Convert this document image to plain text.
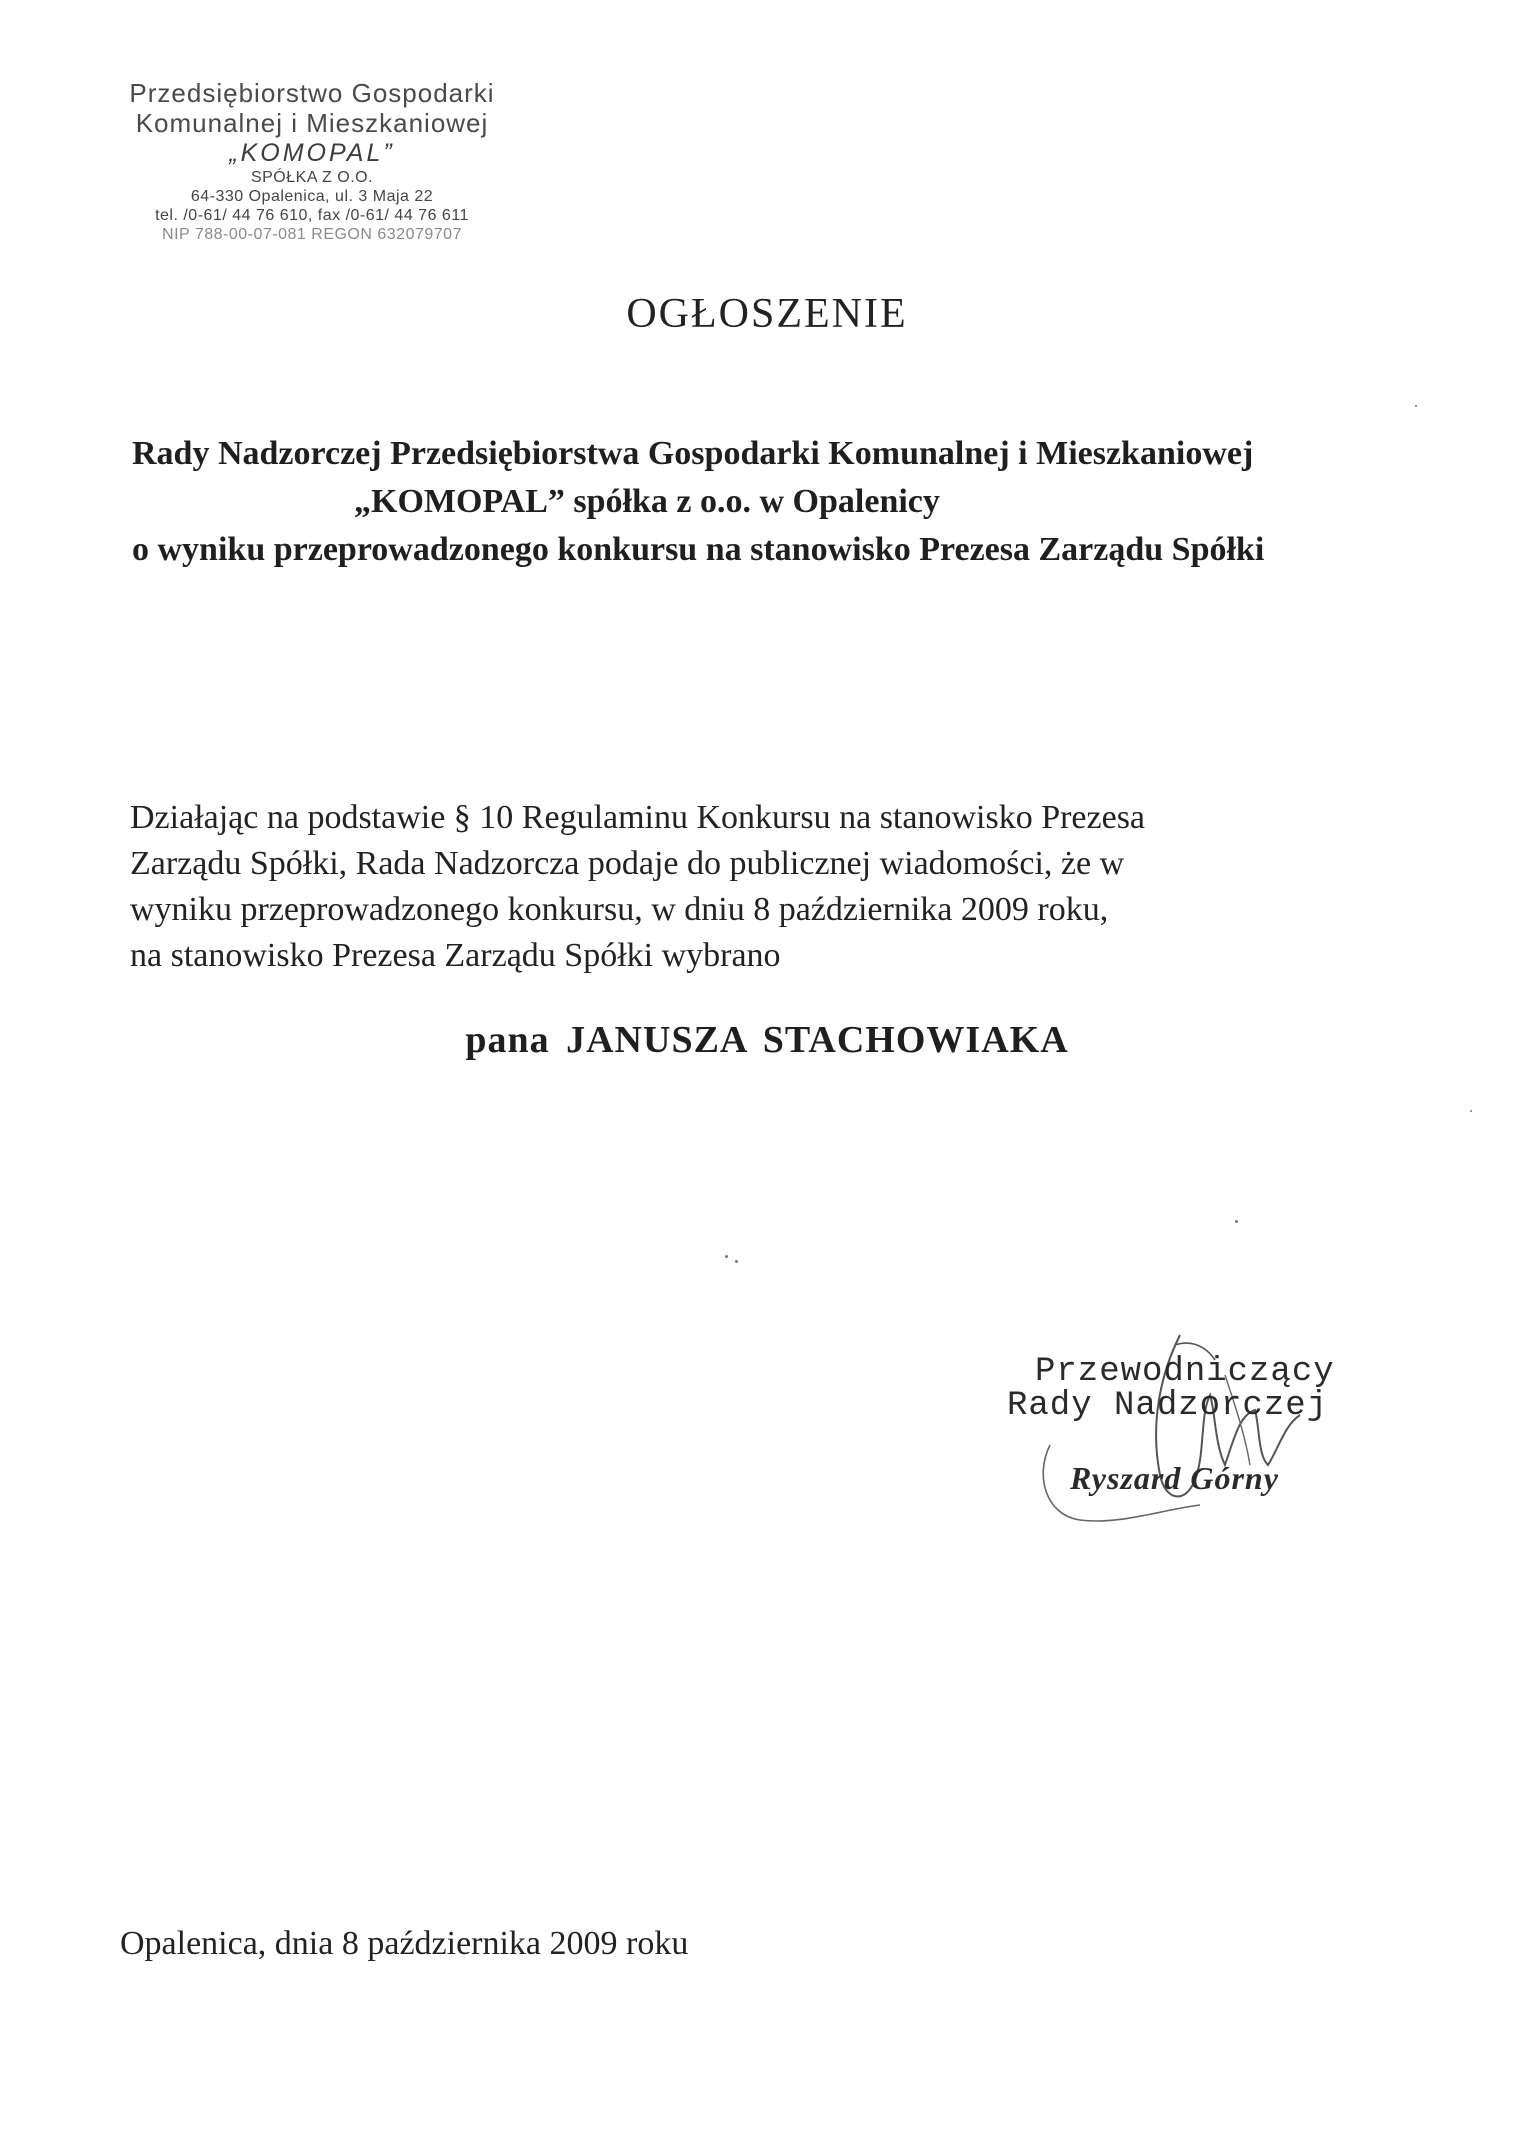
Przedsiębiorstwo Gospodarki
Komunalnej i Mieszkaniowej
„KOMOPAL”
SPÓŁKA Z O.O.
64-330 Opalenica, ul. 3 Maja 22
tel. /0-61/ 44 76 610, fax /0-61/ 44 76 611
NIP 788-00-07-081 REGON 632079707
OGŁOSZENIE
Rady Nadzorczej Przedsiębiorstwa Gospodarki Komunalnej i Mieszkaniowej
„KOMOPAL” spółka z o.o. w Opalenicy
o wyniku przeprowadzonego konkursu na stanowisko Prezesa Zarządu Spółki
Działając na podstawie § 10 Regulaminu Konkursu na stanowisko Prezesa
Zarządu Spółki, Rada Nadzorcza podaje do publicznej wiadomości, że w
wyniku przeprowadzonego konkursu, w dniu 8 października 2009 roku,
na stanowisko Prezesa Zarządu Spółki wybrano
pana JANUSZA STACHOWIAKA
Przewodniczący
Rady Nadzorczej
Ryszard Górny
Opalenica, dnia 8 października 2009 roku
